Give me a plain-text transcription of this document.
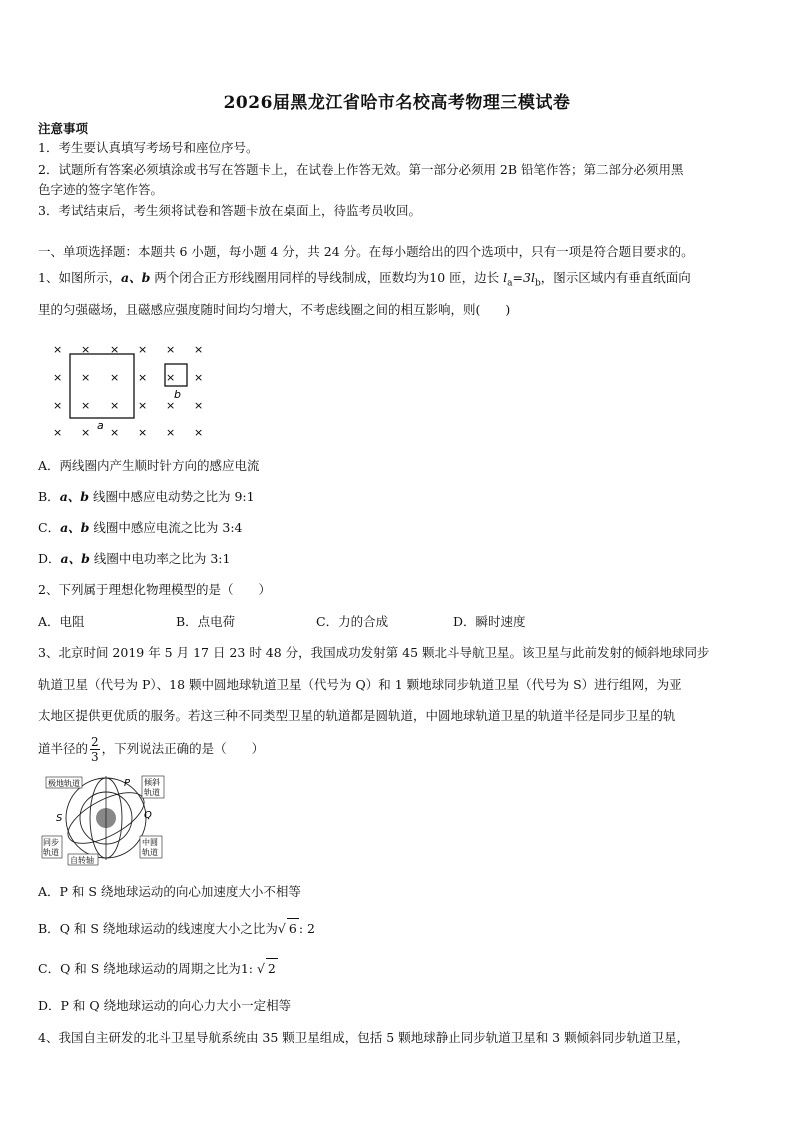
2026届黑龙江省哈市名校高考物理三模试卷
注意事项
1．考生要认真填写考场号和座位序号。
2．试题所有答案必须填涂或书写在答题卡上，在试卷上作答无效。第一部分必须用 2B 铅笔作答；第二部分必须用黑
色字迹的签字笔作答。
3．考试结束后，考生须将试卷和答题卡放在桌面上，待监考员收回。
一、单项选择题：本题共 6 小题，每小题 4 分，共 24 分。在每小题给出的四个选项中，只有一项是符合题目要求的。
1、如图所示，a、b 两个闭合正方形线圈用同样的导线制成，匝数均为10 匝，边长 $l_a=3l_b$，图示区域内有垂直纸面向
里的匀强磁场，且磁感应强度随时间均匀增大，不考虑线圈之间的相互影响，则(　　)
× × × × × ×
× × × × × ×
× × × × × ×
× × × × × ×
a
b
A．两线圈内产生顺时针方向的感应电流
B．a、b 线圈中感应电动势之比为 9:1
C．a、b 线圈中感应电流之比为 3:4
D．a、b 线圈中电功率之比为 3:1
2、下列属于理想化物理模型的是（　　）
A．电阻	B．点电荷	C．力的合成	D．瞬时速度
3、北京时间 2019 年 5 月 17 日 23 时 48 分，我国成功发射第 45 颗北斗导航卫星。该卫星与此前发射的倾斜地球同步
轨道卫星（代号为 P）、18 颗中圆地球轨道卫星（代号为 Q）和 1 颗地球同步轨道卫星（代号为 S）进行组网，为亚
太地区提供更优质的服务。若这三种不同类型卫星的轨道都是圆轨道，中圆地球轨道卫星的轨道半径是同步卫星的轨
道半径的 $\frac{2}{3}$ ，下列说法正确的是（　　）
极地轨道	P 倾斜
轨道
S	Q
同步
轨道
中圆
轨道
自转轴
A．P 和 S 绕地球运动的向心加速度大小不相等
B．Q 和 S 绕地球运动的线速度大小之比为√ 6 : 2
C．Q 和 S 绕地球运动的周期之比为1: √ 2
D．P 和 Q 绕地球运动的向心力大小一定相等
4、我国自主研发的北斗卫星导航系统由 35 颗卫星组成，包括 5 颗地球静止同步轨道卫星和 3 颗倾斜同步轨道卫星，
